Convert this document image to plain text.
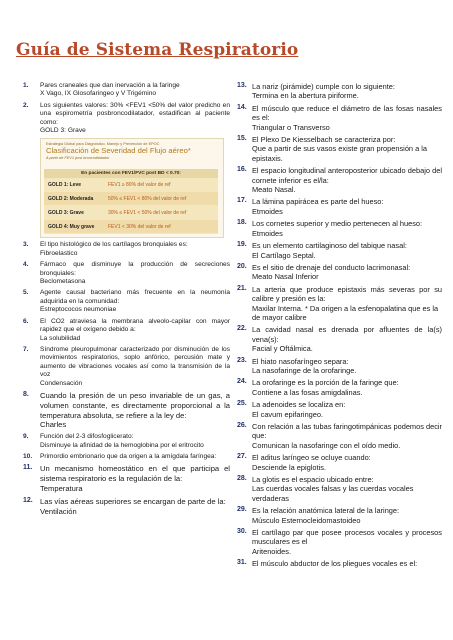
Guía de Sistema Respiratorio
1. Pares craneales que dan inervación a la faringe
X Vago, IX Glosofaringeo y V Trigémino
2. Los siguientes valores: 30% <FEV1 <50% del valor predicho en una espirometría posbroncodilatador, estadifican al paciente como:
GOLD 3: Grave
Estrategia Global para Diagnóstico, Manejo y Prevención de EPOC
Clasificación de Severidad del Flujo aéreo*
A partir de FEV1 post broncodilatador
En pacientes con FEV1/FVC post BD < 0.70:
GOLD 1: Leve	FEV1 ≥ 80% del valor de ref
GOLD 2: Moderada	50% ≤ FEV1 < 80% del valor de ref
GOLD 3: Grave	30% ≤ FEV1 < 50% del valor de ref
GOLD 4: Muy grave	FEV1 < 30% del valor de ref
3. El tipo histológico de los cartílagos bronquiales es:
Fibroelastico
4. Fármaco que disminuye la producción de secreciones bronquiales:
Beclometasona
5. Agente causal bacteriano más frecuente en la neumonía adquirida en la comunidad:
Estreptococos neumoniae
6. El CO2 atraviesa la membrana alveolo-capilar con mayor rapidez que el oxígeno debido a:
La solubilidad
7. Síndrome pleuropulmonar caracterizado por disminución de los movimientos respiratorios, soplo anfórico, percusión mate y aumento de vibraciones vocales así como la transmisión de la voz
Condensación
8. Cuando la presión de un peso invariable de un gas, a volumen constante, es directamente proporcional a la temperatura absoluta, se refiere a la ley de:
Charles
9. Función del 2-3 difosfoglicerato:
Disminuye la afinidad de la hemoglobina por el eritrocito
10. Primordio embrionario que da origen a la amígdala faríngea:
11. Un mecanismo homeostático en el que participa el sistema respiratorio es la regulación de la:
Temperatura
12. Las vías aéreas superiores se encargan de parte de la:
Ventilación
13. La nariz (pirámide) cumple con lo siguiente:
Termina en la abertura piriforme.
14. El músculo que reduce el diámetro de las fosas nasales es el:
Triangular o Transverso
15. El Plexo De Kiesselbach se caracteriza por:
Que a partir de sus vasos existe gran propensión a la epistaxis.
16. El espacio longitudinal anteroposterior ubicado debajo del cornete inferior es el/la:
Meato Nasal.
17. La lámina papirácea es parte del hueso:
Etmoides
18. Los cornetes superior y medio pertenecen al hueso:
Etmoides
19. Es un elemento cartilaginoso del tabique nasal:
El Cartílago Septal.
20. Es el sitio de drenaje del conducto lacrimonasal:
Meato Nasal Inferior
21. La arteria que produce epistaxis más severas por su calibre y presión es la:
Maxilar Interna. * Da origen a la esfenopalatina que es la de mayor calibre
22. La cavidad nasal es drenada por afluentes de la(s) vena(s):
Facial y Oftálmica.
23. El hiato nasofaríngeo separa:
La nasofaringe de la orofaringe.
24. La orofaringe es la porción de la faringe que:
Contiene a las fosas amigdalinas.
25. La adenoides se localiza en:
El cavum epifaringeo.
26. Con relación a las tubas faringotimpánicas podemos decir que:
Comunican la nasofaringe con el oído medio.
27. El aditus laríngeo se ocluye cuando:
Desciende la epiglotis.
28. La glotis es el espacio ubicado entre:
Las cuerdas vocales falsas y las cuerdas vocales verdaderas
29. Es la relación anatómica lateral de la laringe:
Músculo Esternocleidomastoideo
30. El cartílago par que posee procesos vocales y procesos musculares es el
Aritenoides.
31. El músculo abductor de los pliegues vocales es el:
